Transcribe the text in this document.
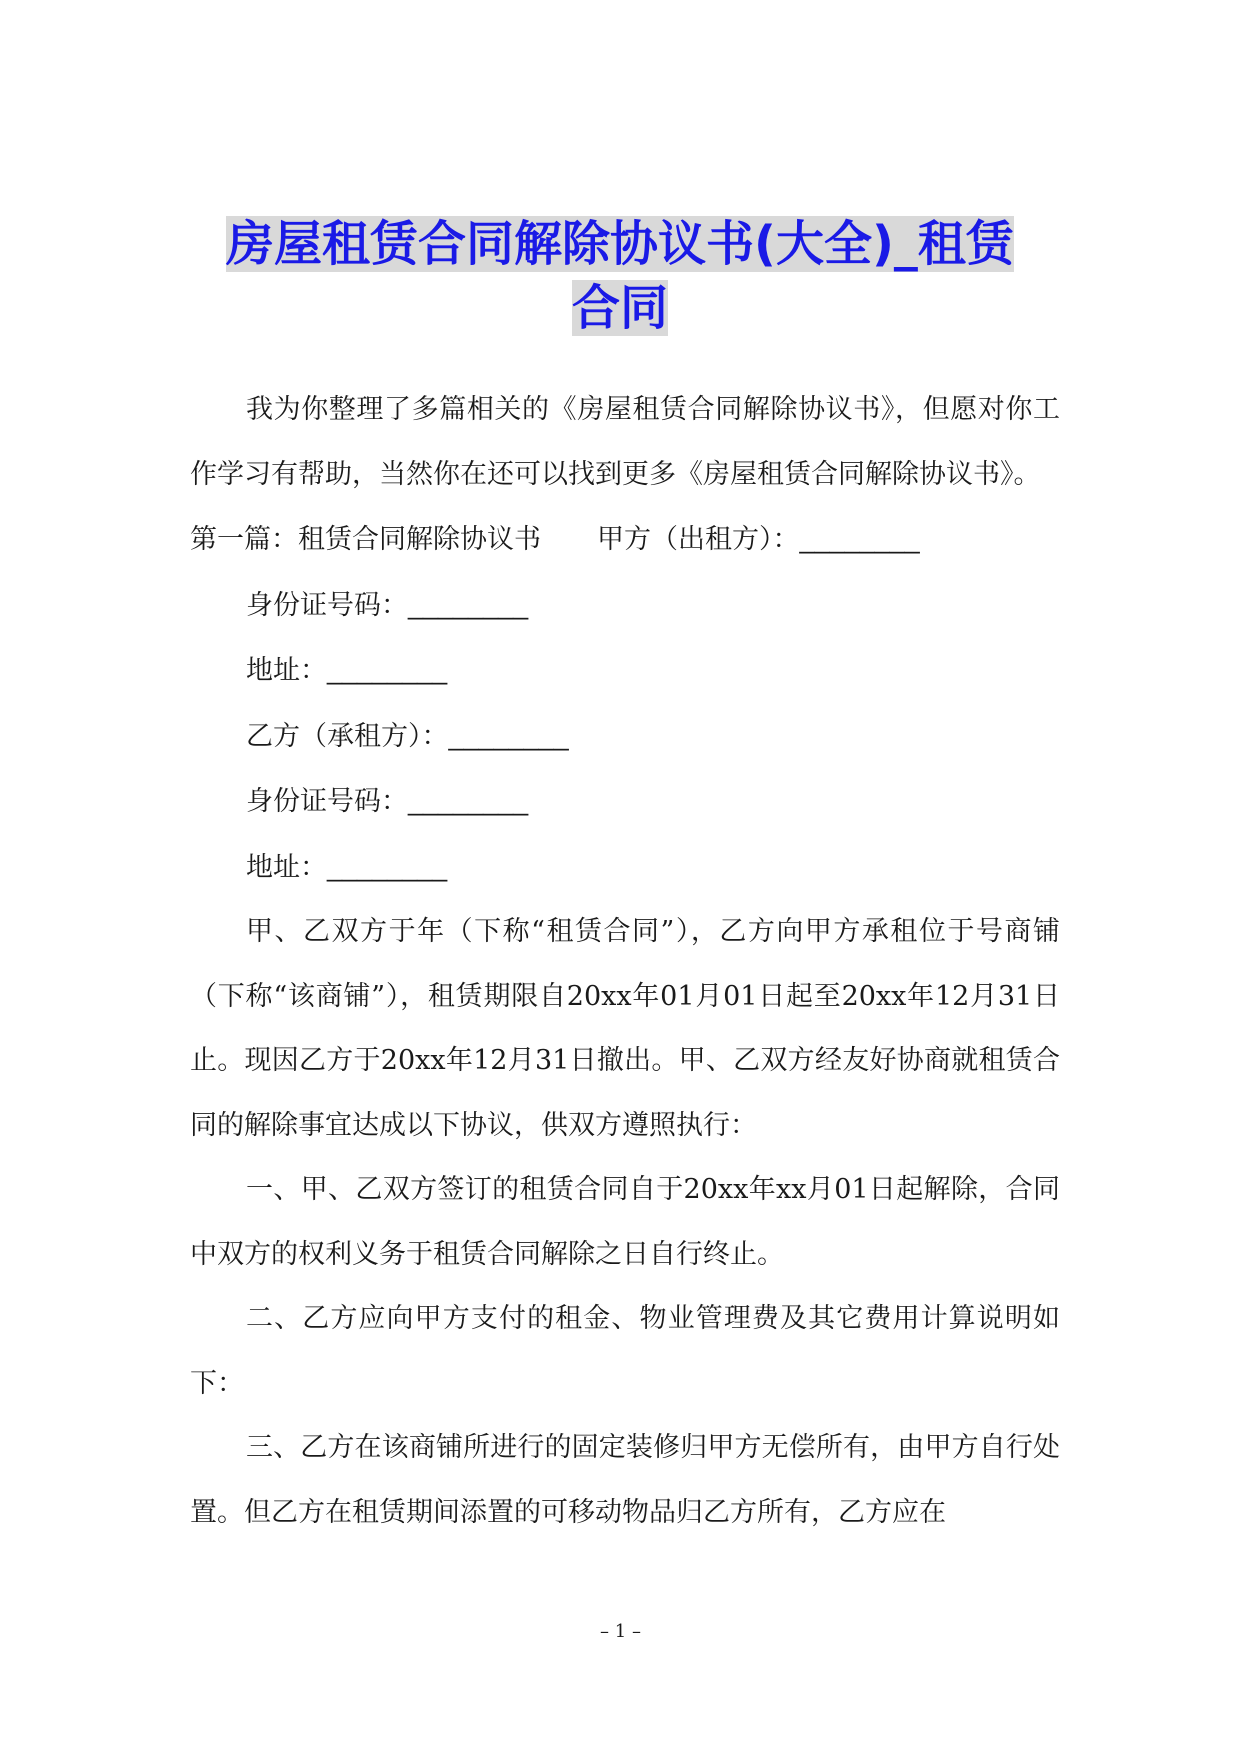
房屋租赁合同解除协议书(大全)_租赁
合同

我为你整理了多篇相关的《房屋租赁合同解除协议书》，但愿对你工作学习有帮助，当然你在还可以找到更多《房屋租赁合同解除协议书》。

第一篇：租赁合同解除协议书 甲方（出租方）：________

身份证号码：________

地址：________

乙方（承租方）：________

身份证号码：________

地址：________

甲、乙双方于年（下称“租赁合同”），乙方向甲方承租位于号商铺（下称“该商铺”），租赁期限自20xx年01月01日起至20xx年12月31日止。现因乙方于20xx年12月31日撤出。甲、乙双方经友好协商就租赁合同的解除事宜达成以下协议，供双方遵照执行：

一、甲、乙双方签订的租赁合同自于20xx年xx月01日起解除，合同中双方的权利义务于租赁合同解除之日自行终止。

二、乙方应向甲方支付的租金、物业管理费及其它费用计算说明如下：

三、乙方在该商铺所进行的固定装修归甲方无偿所有，由甲方自行处置。但乙方在租赁期间添置的可移动物品归乙方所有，乙方应在

– 1 –
